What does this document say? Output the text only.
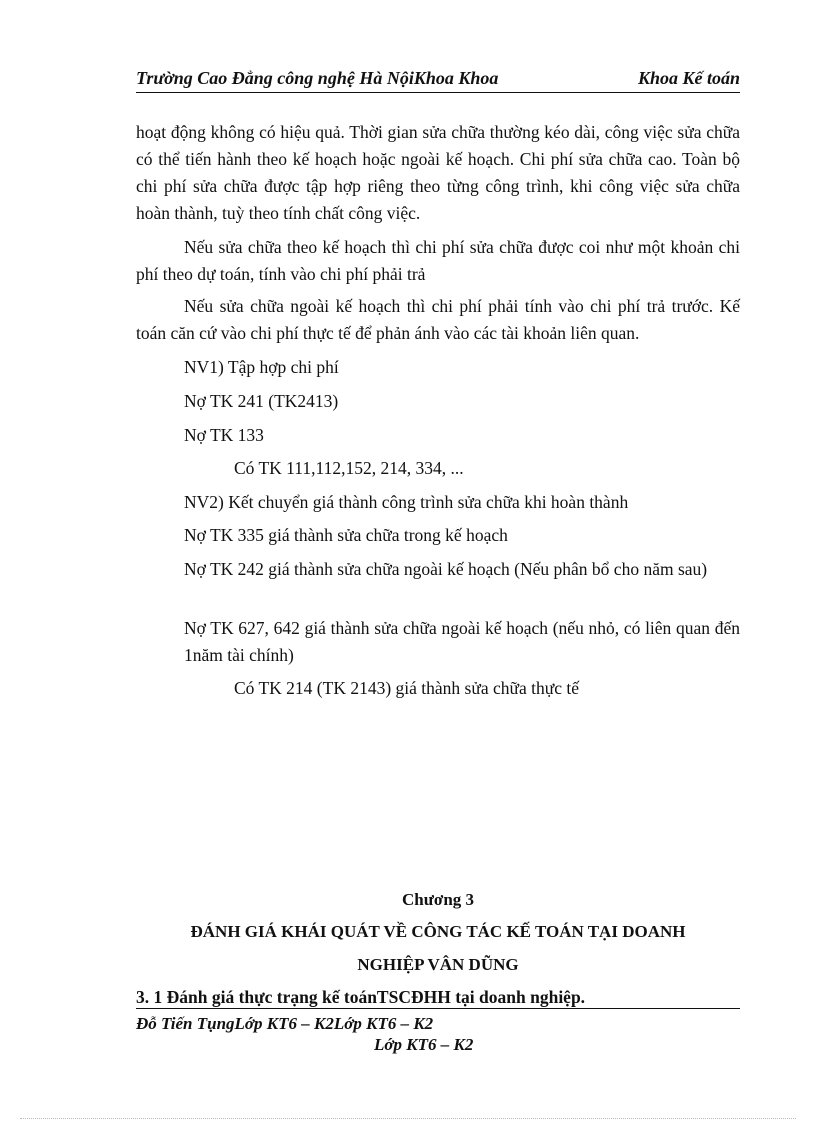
Trường Cao Đẳng công nghệ Hà NộiKhoa Khoa	Khoa Kế toán

hoạt động không có hiệu quả. Thời gian sửa chữa thường kéo dài, công việc sửa chữa có thể tiến hành theo kế hoạch hoặc ngoài kế hoạch. Chi phí sửa chữa cao. Toàn bộ chi phí sửa chữa được tập hợp riêng theo từng công trình, khi công việc sửa chữa hoàn thành, tuỳ theo tính chất công việc.

Nếu sửa chữa theo kế hoạch thì chi phí sửa chữa được coi như một khoản chi phí theo dự toán, tính vào chi phí phải trả

Nếu sửa chữa ngoài kế hoạch thì chi phí phải tính vào chi phí trả trước. Kế toán căn cứ vào chi phí thực tế để phản ánh vào các tài khoản liên quan.

NV1) Tập hợp chi phí
Nợ TK 241 (TK2413)
Nợ TK 133
Có TK 111,112,152, 214, 334, ...
NV2) Kết chuyển giá thành công trình sửa chữa khi hoàn thành
Nợ TK 335 giá thành sửa chữa trong kế hoạch

Nợ TK 242 giá thành sửa chữa ngoài kế hoạch (Nếu phân bổ cho năm sau)

Nợ TK 627, 642 giá thành sửa chữa ngoài kế hoạch (nếu nhỏ, có liên quan đến 1năm tài chính)

Có TK 214 (TK 2143) giá thành sửa chữa thực tế
Chương 3
ĐÁNH GIÁ KHÁI QUÁT VỀ CÔNG TÁC KẾ TOÁN TẠI DOANH
NGHIỆP VÂN DŨNG
3. 1 Đánh giá thực trạng kế toánTSCĐHH tại doanh nghiệp.
Đỗ Tiến TụngLớp KT6 – K2Lớp KT6 – K2
Lớp KT6 – K2
